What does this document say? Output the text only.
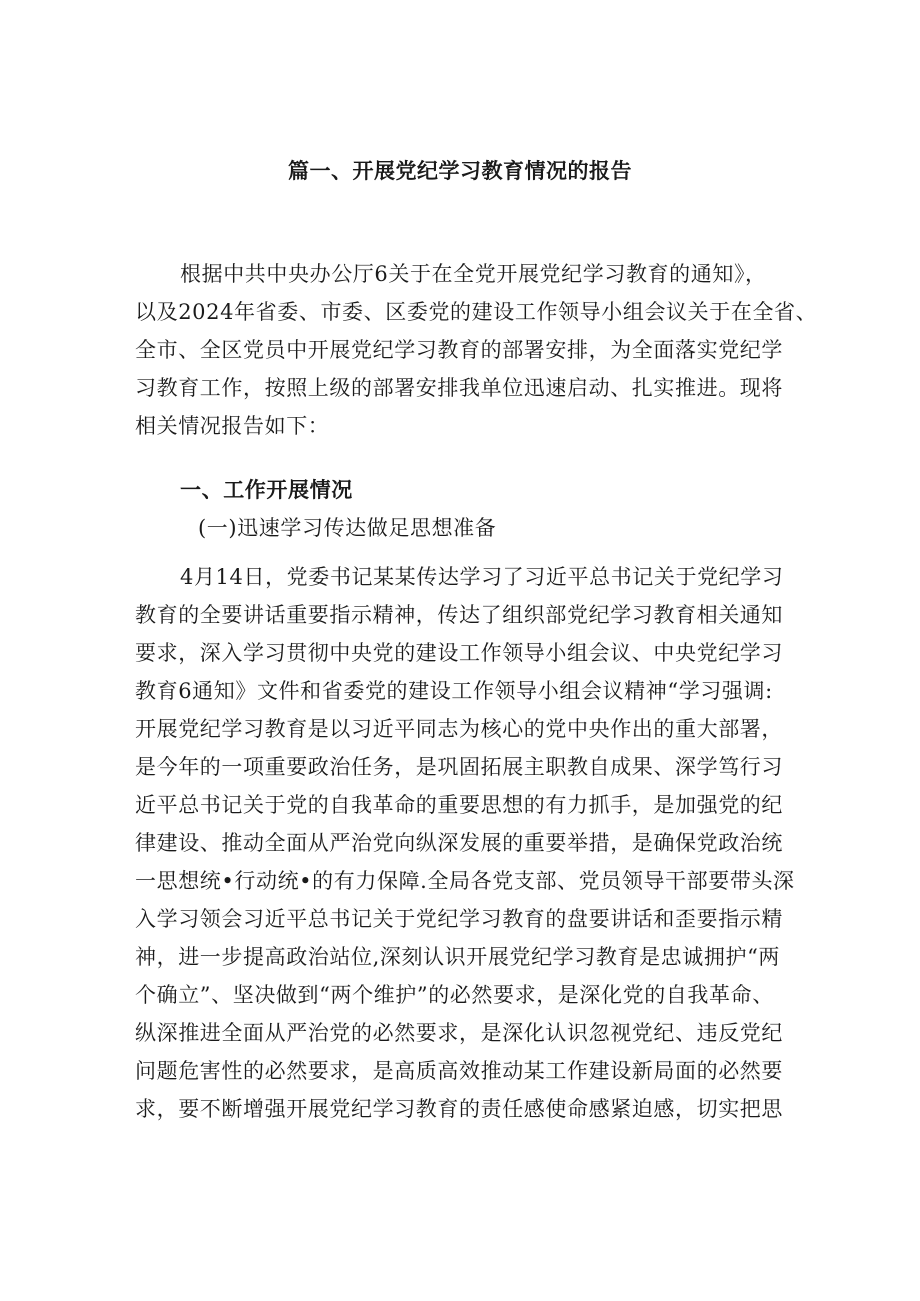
篇一、开展党纪学习教育情况的报告
根据中共中央办公厅6关于在全党开展党纪学习教育的通知》，
以及2024年省委、市委、区委党的建设工作领导小组会议关于在全省、
全市、全区党员中开展党纪学习教育的部署安排，为全面落实党纪学
习教育工作，按照上级的部署安排我单位迅速启动、扎实推进。现将
相关情况报告如下：
一、工作开展情况
(一)迅速学习传达做足思想准备
4月14日，党委书记某某传达学习了习近平总书记关于党纪学习
教育的全要讲话重要指示精神，传达了组织部党纪学习教育相关通知
要求，深入学习贯彻中央党的建设工作领导小组会议、中央党纪学习
教育6通知》文件和省委党的建设工作领导小组会议精神“学习强调:
开展党纪学习教育是以习近平同志为核心的党中央作出的重大部署，
是今年的一项重要政治任务，是巩固拓展主职教自成果、深学笃行习
近平总书记关于党的自我革命的重要思想的有力抓手，是加强党的纪
律建设、推动全面从严治党向纵深发展的重要举措，是确保党政治统
一思想统•行动统•的有力保障.全局各党支部、党员领导干部要带头深
入学习领会习近平总书记关于党纪学习教育的盘要讲话和歪要指示精
神，进一步提高政治站位,深刻认识开展党纪学习教育是忠诚拥护“两
个确立”、坚决做到“两个维护”的必然要求，是深化党的自我革命、
纵深推进全面从严治党的必然要求，是深化认识忽视党纪、违反党纪
问题危害性的必然要求，是高质高效推动某工作建设新局面的必然要
求，要不断增强开展党纪学习教育的责任感使命感紧迫感，切实把思
